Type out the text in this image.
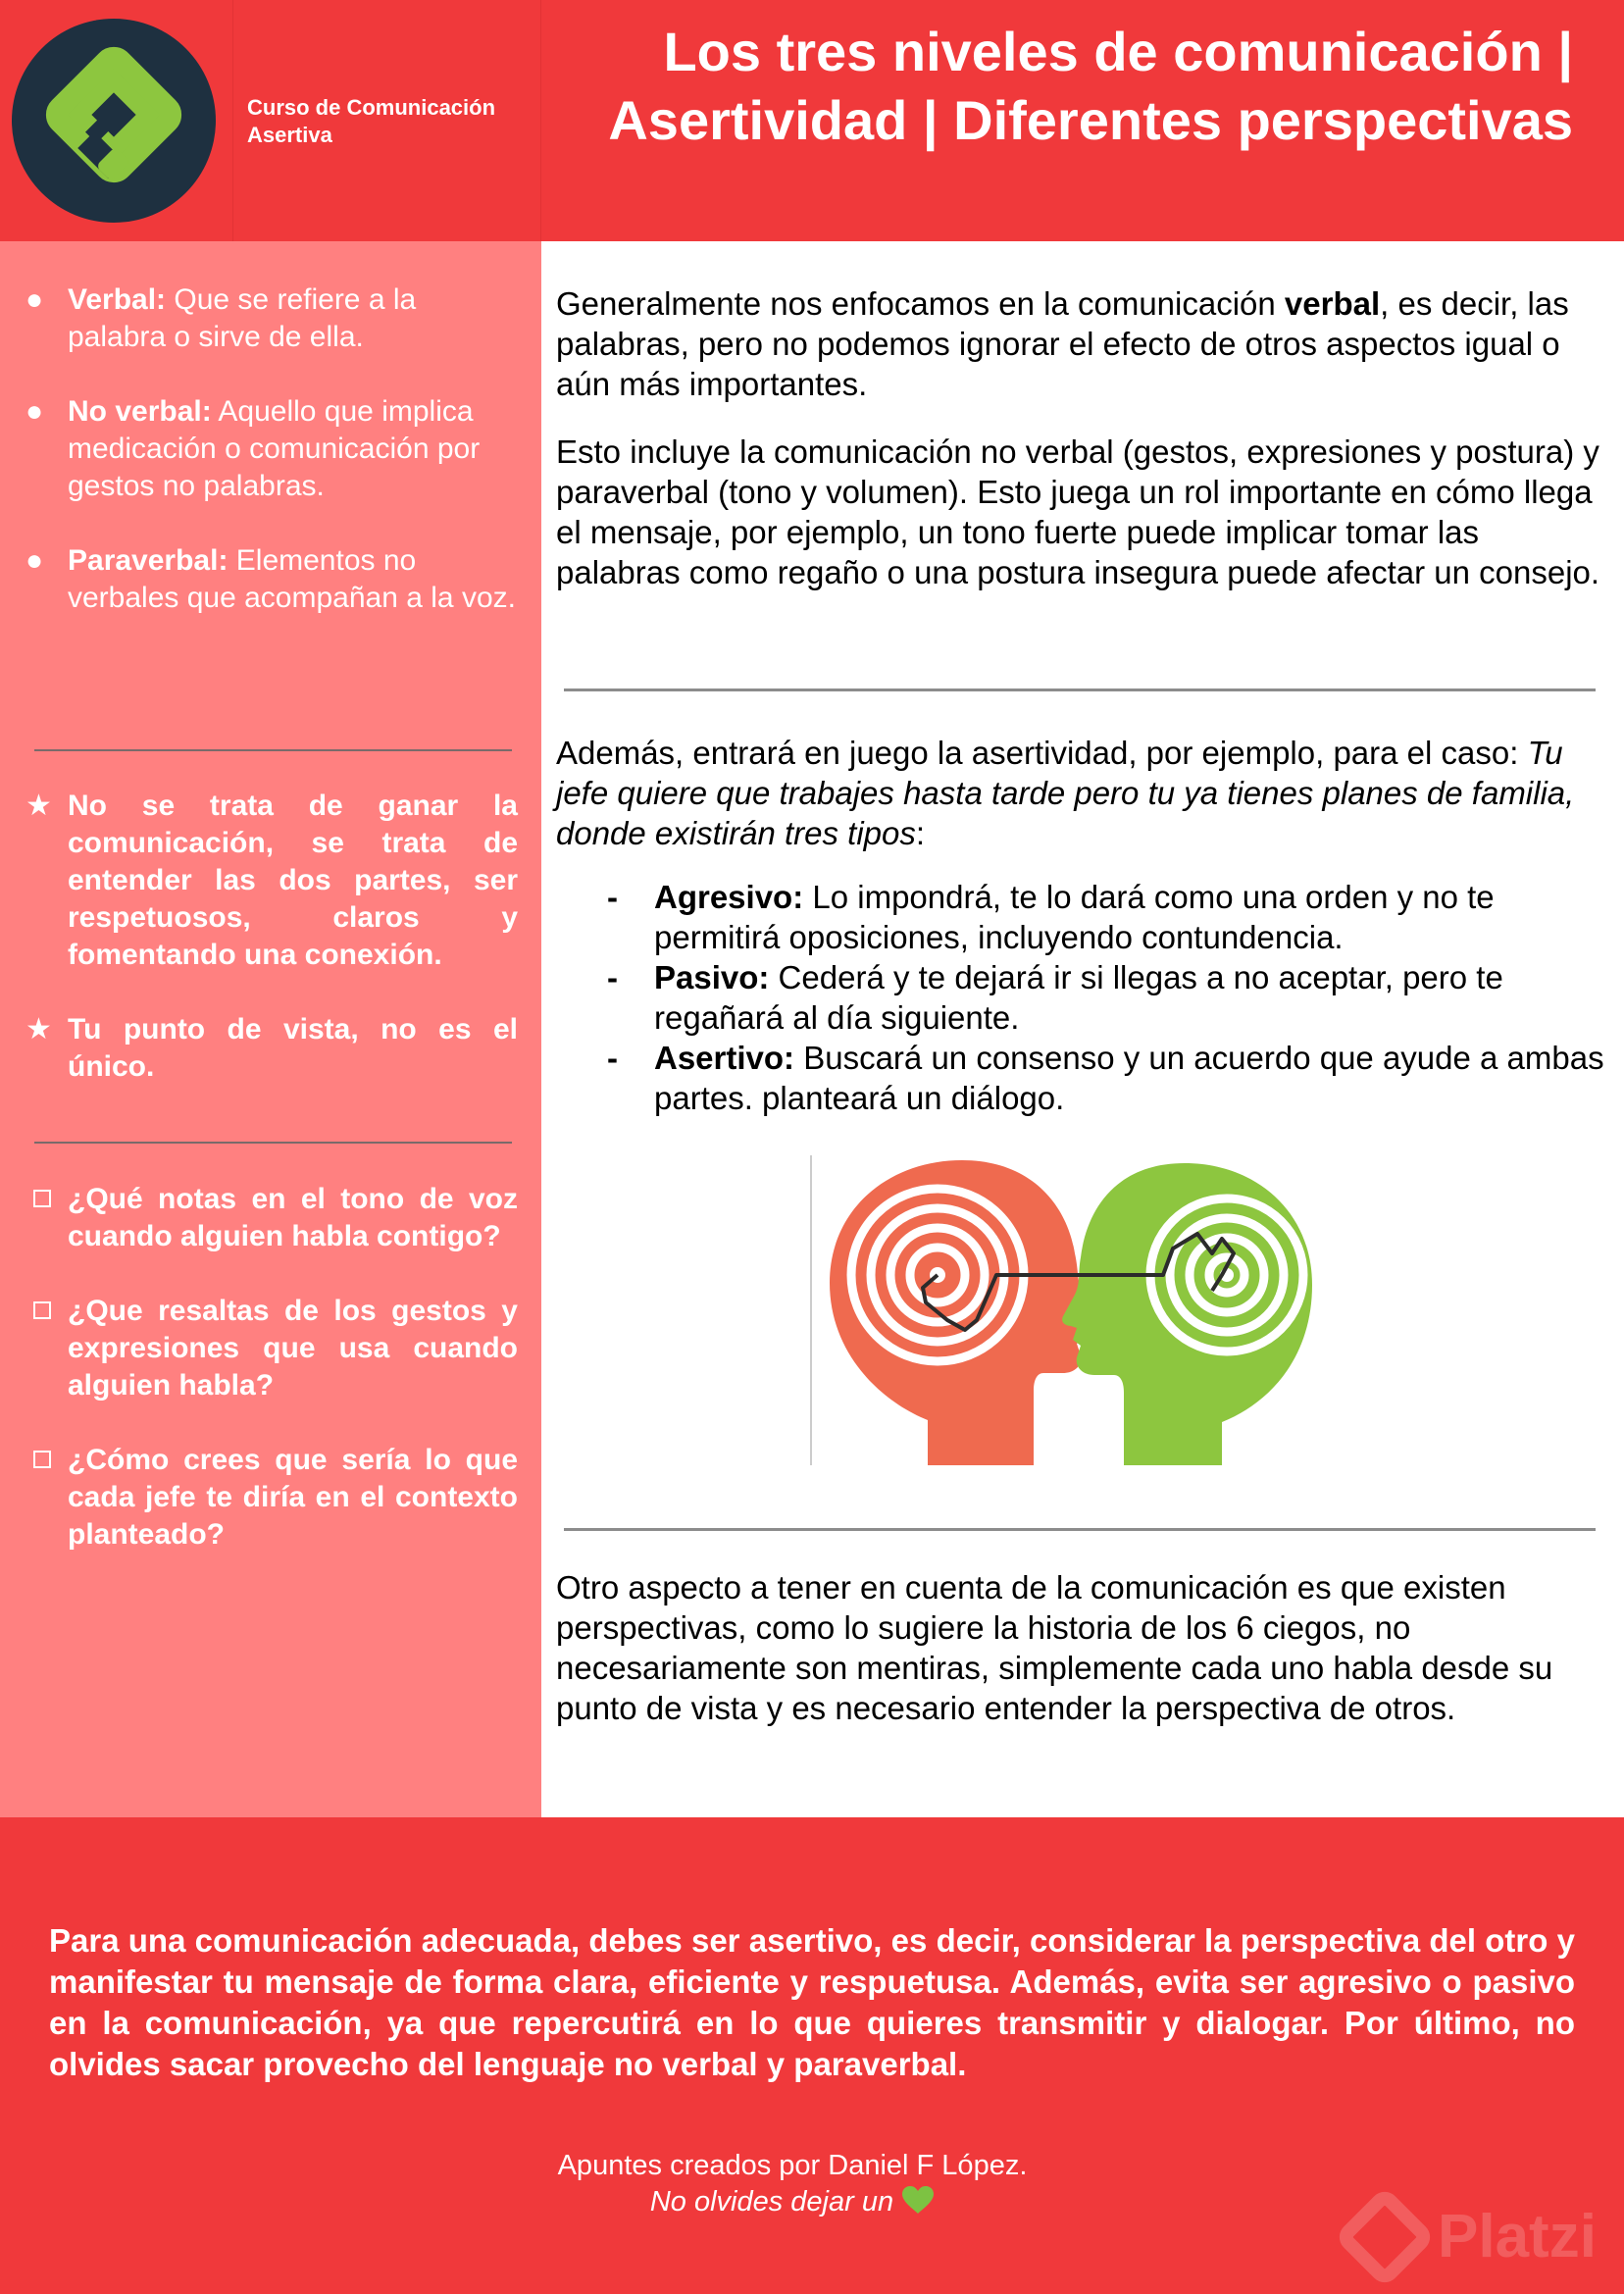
Curso de Comunicación Asertiva
Los tres niveles de comunicación | Asertividad | Diferentes perspectivas
● Verbal: Que se refiere a la palabra o sirve de ella.
● No verbal: Aquello que implica medicación o comunicación por gestos no palabras.
● Paraverbal: Elementos no verbales que acompañan a la voz.
★ No se trata de ganar la comunicación, se trata de entender las dos partes, ser respetuosos, claros y fomentando una conexión.
★ Tu punto de vista, no es el único.
¿Qué notas en el tono de voz cuando alguien habla contigo?
¿Que resaltas de los gestos y expresiones que usa cuando alguien habla?
¿Cómo crees que sería lo que cada jefe te diría en el contexto planteado?

Generalmente nos enfocamos en la comunicación verbal, es decir, las palabras, pero no podemos ignorar el efecto de otros aspectos igual o aún más importantes.

Esto incluye la comunicación no verbal (gestos, expresiones y postura) y paraverbal (tono y volumen). Esto juega un rol importante en cómo llega el mensaje, por ejemplo, un tono fuerte puede implicar tomar las palabras como regaño o una postura insegura puede afectar un consejo.

Además, entrará en juego la asertividad, por ejemplo, para el caso: Tu jefe quiere que trabajes hasta tarde pero tu ya tienes planes de familia, donde existirán tres tipos:

- Agresivo: Lo impondrá, te lo dará como una orden y no te permitirá oposiciones, incluyendo contundencia.
- Pasivo: Cederá y te dejará ir si llegas a no aceptar, pero te regañará al día siguiente.
- Asertivo: Buscará un consenso y un acuerdo que ayude a ambas partes. planteará un diálogo.

Otro aspecto a tener en cuenta de la comunicación es que existen perspectivas, como lo sugiere la historia de los 6 ciegos, no necesariamente son mentiras, simplemente cada uno habla desde su punto de vista y es necesario entender la perspectiva de otros.

Para una comunicación adecuada, debes ser asertivo, es decir, considerar la perspectiva del otro y manifestar tu mensaje de forma clara, eficiente y respuetusa. Además, evita ser agresivo o pasivo en la comunicación, ya que repercutirá en lo que quieres transmitir y dialogar. Por último, no olvides sacar provecho del lenguaje no verbal y paraverbal.

Apuntes creados por Daniel F López.
No olvides dejar un
Platzi
